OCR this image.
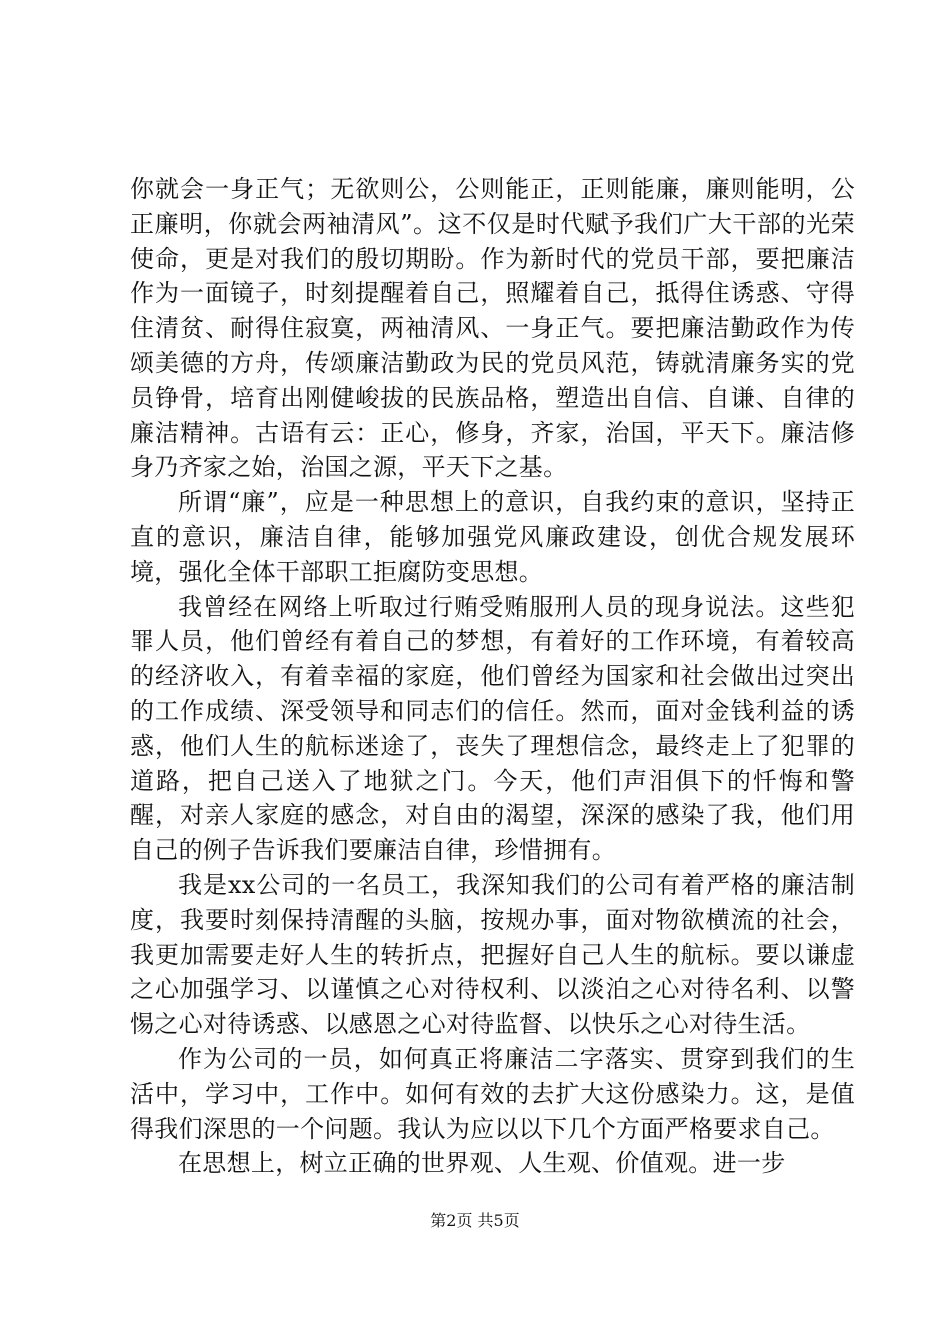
你就会一身正气；无欲则公，公则能正，正则能廉，廉则能明，公正廉明，你就会两袖清风”。这不仅是时代赋予我们广大干部的光荣使命，更是对我们的殷切期盼。作为新时代的党员干部，要把廉洁作为一面镜子，时刻提醒着自己，照耀着自己，抵得住诱惑、守得住清贫、耐得住寂寞，两袖清风、一身正气。要把廉洁勤政作为传颂美德的方舟，传颂廉洁勤政为民的党员风范，铸就清廉务实的党员铮骨，培育出刚健峻拔的民族品格，塑造出自信、自谦、自律的廉洁精神。古语有云：正心，修身，齐家，治国，平天下。廉洁修身乃齐家之始，治国之源，平天下之基。

所谓“廉”，应是一种思想上的意识，自我约束的意识，坚持正直的意识，廉洁自律，能够加强党风廉政建设，创优合规发展环境，强化全体干部职工拒腐防变思想。

我曾经在网络上听取过行贿受贿服刑人员的现身说法。这些犯罪人员，他们曾经有着自己的梦想，有着好的工作环境，有着较高的经济收入，有着幸福的家庭，他们曾经为国家和社会做出过突出的工作成绩、深受领导和同志们的信任。然而，面对金钱利益的诱惑，他们人生的航标迷途了，丧失了理想信念，最终走上了犯罪的道路，把自己送入了地狱之门。今天，他们声泪俱下的忏悔和警醒，对亲人家庭的感念，对自由的渴望，深深的感染了我，他们用自己的例子告诉我们要廉洁自律，珍惜拥有。

我是xx公司的一名员工，我深知我们的公司有着严格的廉洁制度，我要时刻保持清醒的头脑，按规办事，面对物欲横流的社会，我更加需要走好人生的转折点，把握好自己人生的航标。要以谦虚之心加强学习、以谨慎之心对待权利、以淡泊之心对待名利、以警惕之心对待诱惑、以感恩之心对待监督、以快乐之心对待生活。

作为公司的一员，如何真正将廉洁二字落实、贯穿到我们的生活中，学习中，工作中。如何有效的去扩大这份感染力。这，是值得我们深思的一个问题。我认为应以以下几个方面严格要求自己。

在思想上，树立正确的世界观、人生观、价值观。进一步

第2页 共5页
